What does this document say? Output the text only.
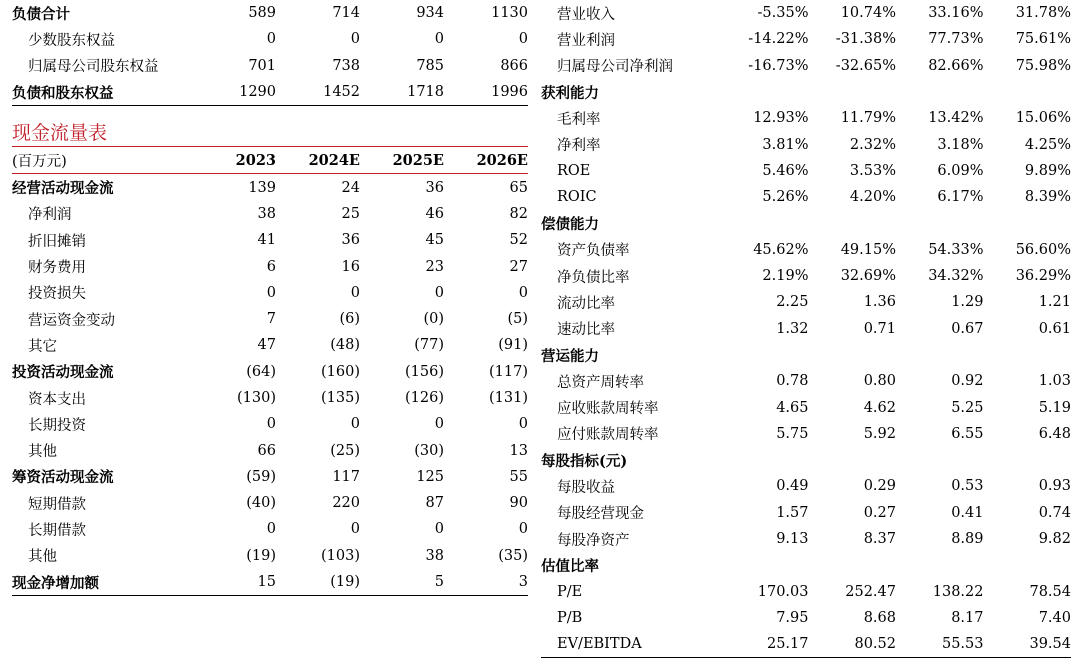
负债合计	589	714	934	1130
少数股东权益	0	0	0	0
归属母公司股东权益	701	738	785	866
负债和股东权益	1290	1452	1718	1996
现金流量表
(百万元)	2023	2024E	2025E	2026E
经营活动现金流	139	24	36	65
净利润	38	25	46	82
折旧摊销	41	36	45	52
财务费用	6	16	23	27
投资损失	0	0	0	0
营运资金变动	7	(6)	(0)	(5)
其它	47	(48)	(77)	(91)
投资活动现金流	(64)	(160)	(156)	(117)
资本支出	(130)	(135)	(126)	(131)
长期投资	0	0	0	0
其他	66	(25)	(30)	13
筹资活动现金流	(59)	117	125	55
短期借款	(40)	220	87	90
长期借款	0	0	0	0
其他	(19)	(103)	38	(35)
现金净增加额	15	(19)	5	3
营业收入	-5.35%	10.74%	33.16%	31.78%
营业利润	-14.22%	-31.38%	77.73%	75.61%
归属母公司净利润	-16.73%	-32.65%	82.66%	75.98%
获利能力				
毛利率	12.93%	11.79%	13.42%	15.06%
净利率	3.81%	2.32%	3.18%	4.25%
ROE	5.46%	3.53%	6.09%	9.89%
ROIC	5.26%	4.20%	6.17%	8.39%
偿债能力				
资产负债率	45.62%	49.15%	54.33%	56.60%
净负债比率	2.19%	32.69%	34.32%	36.29%
流动比率	2.25	1.36	1.29	1.21
速动比率	1.32	0.71	0.67	0.61
营运能力				
总资产周转率	0.78	0.80	0.92	1.03
应收账款周转率	4.65	4.62	5.25	5.19
应付账款周转率	5.75	5.92	6.55	6.48
每股指标(元)				
每股收益	0.49	0.29	0.53	0.93
每股经营现金	1.57	0.27	0.41	0.74
每股净资产	9.13	8.37	8.89	9.82
估值比率				
P/E	170.03	252.47	138.22	78.54
P/B	7.95	8.68	8.17	7.40
EV/EBITDA	25.17	80.52	55.53	39.54
